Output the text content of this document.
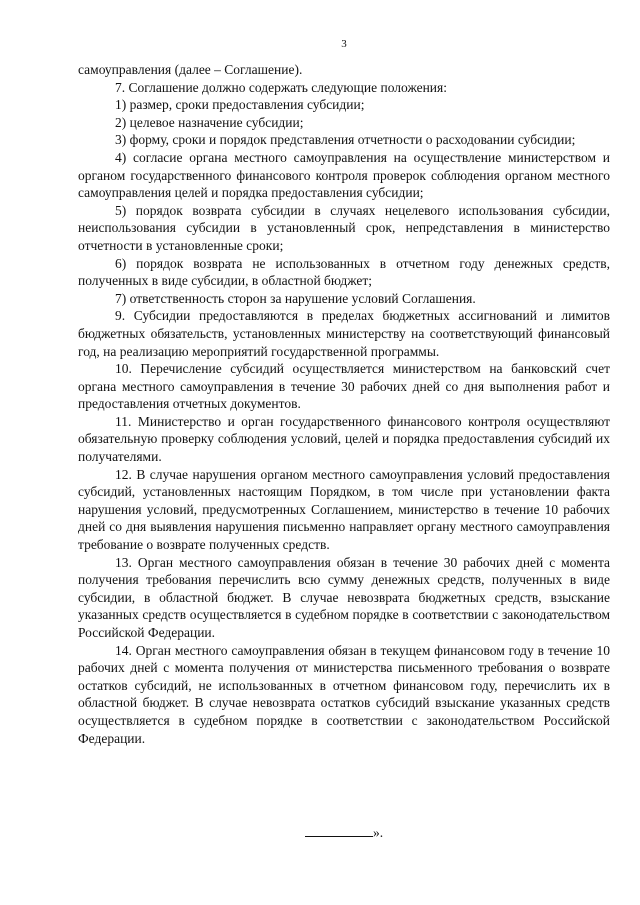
3

самоуправления (далее – Соглашение).

7. Соглашение должно содержать следующие положения:

1) размер, сроки предоставления субсидии;

2) целевое назначение субсидии;

3) форму, сроки и порядок представления отчетности о расходовании субсидии;

4) согласие органа местного самоуправления на осуществление министерством и органом государственного финансового контроля проверок соблюдения органом местного самоуправления целей и порядка предоставления субсидии;

5) порядок возврата субсидии в случаях нецелевого использования субсидии, неиспользования субсидии в установленный срок, непредставления в министерство отчетности в установленные сроки;

6) порядок возврата не использованных в отчетном году денежных средств, полученных в виде субсидии, в областной бюджет;

7) ответственность сторон за нарушение условий Соглашения.

9. Субсидии предоставляются в пределах бюджетных ассигнований и лимитов бюджетных обязательств, установленных министерству на соответствующий финансовый год, на реализацию мероприятий государственной программы.

10. Перечисление субсидий осуществляется министерством на банковский счет органа местного самоуправления в течение 30 рабочих дней со дня выполнения работ и предоставления отчетных документов.

11. Министерство и орган государственного финансового контроля осуществляют обязательную проверку соблюдения условий, целей и порядка предоставления субсидий их получателями.

12. В случае нарушения органом местного самоуправления условий предоставления субсидий, установленных настоящим Порядком, в том числе при установлении факта нарушения условий, предусмотренных Соглашением, министерство в течение 10 рабочих дней со дня выявления нарушения письменно направляет органу местного самоуправления требование о возврате полученных средств.

13. Орган местного самоуправления обязан в течение 30 рабочих дней с момента получения требования перечислить всю сумму денежных средств, полученных в виде субсидии, в областной бюджет. В случае невозврата бюджетных средств, взыскание указанных средств осуществляется в судебном порядке в соответствии с законодательством Российской Федерации.

14. Орган местного самоуправления обязан в текущем финансовом году в течение 10 рабочих дней с момента получения от министерства письменного требования о возврате остатков субсидий, не использованных в отчетном финансовом году, перечислить их в областной бюджет. В случае невозврата остатков субсидий взыскание указанных средств осуществляется в судебном порядке в соответствии с законодательством Российской Федерации.

».
